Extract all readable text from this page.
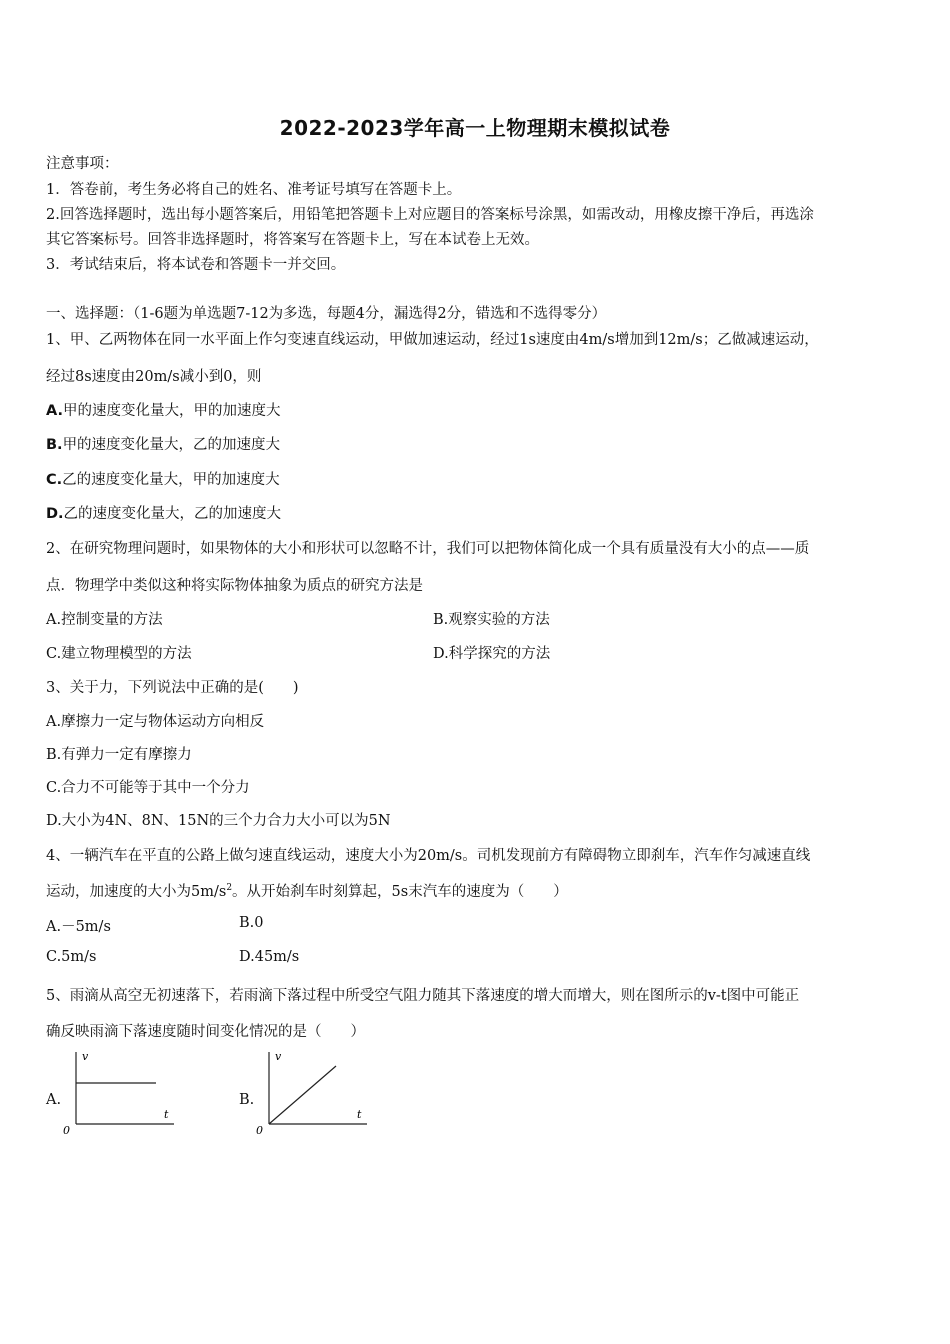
2022-2023学年高一上物理期末模拟试卷
注意事项：
1．答卷前，考生务必将自己的姓名、准考证号填写在答题卡上。
2.回答选择题时，选出每小题答案后，用铅笔把答题卡上对应题目的答案标号涂黑，如需改动，用橡皮擦干净后，再选涂
其它答案标号。回答非选择题时，将答案写在答题卡上，写在本试卷上无效。
3．考试结束后，将本试卷和答题卡一并交回。
一、选择题：（1-6题为单选题7-12为多选，每题4分，漏选得2分，错选和不选得零分）
1、甲、乙两物体在同一水平面上作匀变速直线运动，甲做加速运动，经过1s速度由4m/s增加到12m/s；乙做减速运动，
经过8s速度由20m/s减小到0，则
A.甲的速度变化量大，甲的加速度大
B.甲的速度变化量大，乙的加速度大
C.乙的速度变化量大，甲的加速度大
D.乙的速度变化量大，乙的加速度大
2、在研究物理问题时，如果物体的大小和形状可以忽略不计，我们可以把物体简化成一个具有质量没有大小的点——质
点．物理学中类似这种将实际物体抽象为质点的研究方法是
A.控制变量的方法	B.观察实验的方法
C.建立物理模型的方法	D.科学探究的方法
3、关于力，下列说法中正确的是(　　)
A.摩擦力一定与物体运动方向相反
B.有弹力一定有摩擦力
C.合力不可能等于其中一个分力
D.大小为4N、8N、15N的三个力合力大小可以为5N
4、一辆汽车在平直的公路上做匀速直线运动，速度大小为20m/s。司机发现前方有障碍物立即刹车，汽车作匀减速直线
运动，加速度的大小为$5m/s^2$。从开始刹车时刻算起，5s末汽车的速度为（　　）
A.－5m/s	B.0
C.5m/s	D.45m/s
5、雨滴从高空无初速落下，若雨滴下落过程中所受空气阻力随其下落速度的增大而增大，则在图所示的v-t图中可能正
确反映雨滴下落速度随时间变化情况的是（　　）
A.
v
t
0
B.
v
t
0
